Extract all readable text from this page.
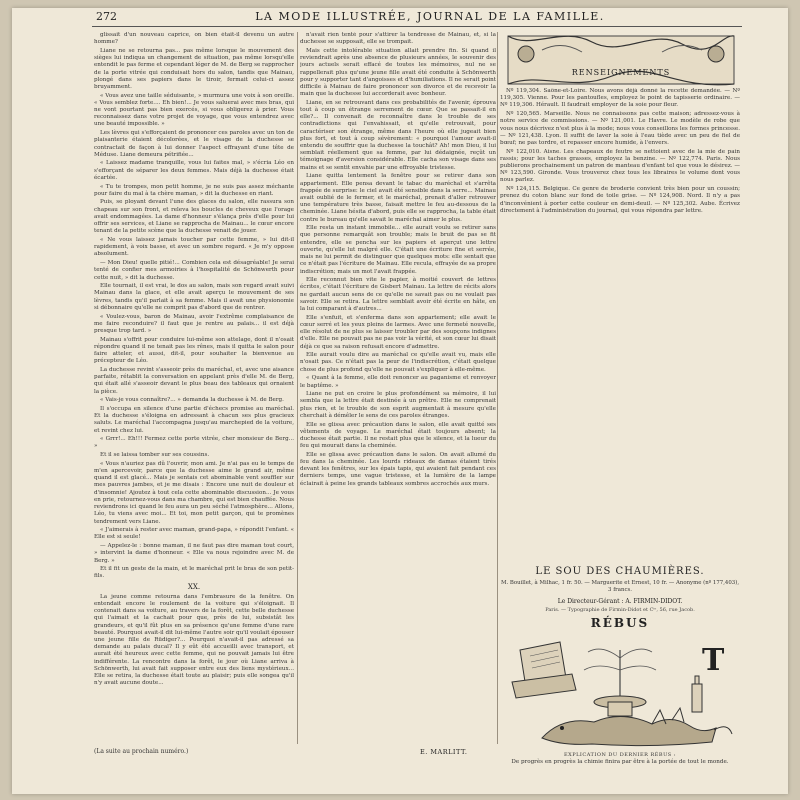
272	LA MODE ILLUSTRÉE, JOURNAL DE LA FAMILLE.

glissait d'un nouveau caprice, on bien était-il devenu un autre homme?

Liane ne se retourna pas... pas même lorsque le mouvement des sièges lui indiqua un changement de situation, pas même lorsqu'elle entendit le pas ferme et cependant léger de M. de Berg se rapprocher de la porte vitrée qui conduisait hors du salon, tandis que Mainau, plongé dans ses papiers dans le tiroir, fermait celui-ci assez bruyamment.

« Vous avez une taille séduisante, » murmura une voix à son oreille. « Vous semblez forte.... Eh bien!... Je vous saluerai avec mes bras, qui ne vont pourtant pas bien exercés, si vous obligerez à prier. Vous reconnaissez dans votre projet de voyage, que vous entendrez avec une beauté impossible. »

Les lèvres qui s'efforçaient de prononcer ces paroles avec un ton de plaisanterie étaient décolorées, et le visage de la duchesse se contractait de façon à lui donner l'aspect effrayant d'une tête de Méduse. Liane demeura pétrifiée...

« Laissez madame tranquille, vous lui faites mal, » s'écria Léo en s'efforçant de séparer les deux femmes. Mais déjà la duchesse était écartée.

« Tu te trompes, mon petit homme, je ne suis pas assez méchante pour faire du mal à ta chère maman, » dit la duchesse en riant.

Puis, se ployant devant l'une des glaces du salon, elle rassura son chapeau sur son front, et releva les boucles de cheveux que l'orage avait endommagées. La dame d'honneur s'élança près d'elle pour lui offrir ses services, et Liane se rapprocha de Mainau... le cœur encore tenant de la petite scène que la duchesse venait de jouer.

« Ne vous laissez jamais toucher par cette femme, » lui dit-il rapidement, à voix basse, et avec un sombre regard. « Je m'y oppose absolument.

— Mon Dieu! quelle pitié!... Combien cela est désagréable! Je serai tenté de confier mes armoiries à l'hospitalité de Schönwerth pour cette nuit, » dit la duchesse.

Elle tournait, il est vrai, le dos au salon, mais son regard avait suivi Mainau dans la glace, et elle avait aperçu le mouvement de ses lèvres, tandis qu'il parlait à sa femme. Mais il avait une physionomie si débonnaire qu'elle ne comprit pas d'abord que de rentrer.

« Voulez-vous, baron de Mainau, avoir l'extrême complaisance de me faire reconduire? il faut que je rentre au palais... il est déjà presque trop tard. »

Mainau s'offrit pour conduire lui-même son attelage, dont il n'osait répondre quand il ne tenait pas les rênes, mais il quitta le salon pour faire atteler, et aussi, dit-il, pour souhaiter la bienvenue au précepteur de Léo.

La duchesse revint s'asseoir près du maréchal, et, avec une aisance parfaite, rétablit la conversation en appelant près d'elle M. de Berg, qui était allé s'asseoir devant le plus beau des tableaux qui ornaient la pièce.

« Vais-je vous connaître?... » demanda la duchesse à M. de Berg.

Il s'occupa en silence d'une partie d'échecs promise au maréchal. Et la duchesse s'éloigna en adressant à chacun ses plus gracieux saluts. Le maréchal l'accompagna jusqu'au marchepied de la voiture, et revint chez lui.

« Grrr!... Eh!!! Fermez cette porte vitrée, cher monsieur de Berg... »

Et il se laissa tomber sur ses coussins.

« Vous n'auriez pas dû l'ouvrir, mon ami. Je n'ai pas eu le temps de m'en apercevoir, parce que la duchesse aime le grand air, même quand il est glacé... Mais je sentais cet abominable vent souffler sur mes pauvres jambes, et je me disais : Encore une nuit de douleur et d'insomnie! Ajoutez à tout cela cette abominable discussion... Je vous en prie, retournez-vous dans ma chambre, qui est bien chauffée. Nous reviendrons ici quand le feu aura un peu séché l'atmosphère... Allons, Léo, tu viens avec moi... Et toi, mon petit garçon, qui te promènes tendrement vers Liane.

« J'aimerais à rester avec maman, grand-papa, » répondit l'enfant. « Elle est si seule!

— Appelez-le : bonne maman, il ne faut pas dire maman tout court, » intervint la dame d'honneur. « Elle va nous rejoindre avec M. de Berg. »

Et il fit un geste de la main, et le maréchal prit le bras de son petit-fils.

XX.

La jeune comme retourna dans l'embrasure de la fenêtre. On entendait encore le roulement de la voiture qui s'éloignait. Il contenait dans sa voiture, au travers de la forêt, cette belle duchesse qui l'aimait et la cachait pour que, près de lui, subsistât les grandeurs, et qu'il fût plus en sa présence qu'une femme d'une rare beauté. Pourquoi avait-il dit lui-même l'autre soir qu'il voulait épouser une jeune fille de Rüdiger?... Pourquoi n'avait-il pas adressé sa demande au palais ducal? Il y eût été accueilli avec transport, et aurait été heureux avec cette femme, qui ne pouvait jamais lui être indifférente. La rencontre dans la forêt, le jour où Liane arriva à Schönwerth, lui avait fait supposer entre eux des liens mystérieux... Elle se retira, la duchesse était toute au plaisir; puis elle songea qu'il n'y avait aucune doute...

n'avait rien tenté pour s'attirer la tendresse de Mainau, et, si la duchesse se supposait, elle se trompait.

Mais cette intolérable situation allait prendre fin. Si quand il reviendrait après une absence de plusieurs années, le souvenir des jours actuels serait effacé de toutes les mémoires, nul ne se rappellerait plus qu'une jeune fille avait été conduite à Schönwerth pour y supporter tant d'angoisses et d'humiliations. Il ne serait point difficile à Mainau de faire prononcer son divorce et de recevoir la main que la duchesse lui accorderait avec bonheur.

Liane, en se retrouvant dans ces probabilités de l'avenir, éprouva tout à coup un étrange serrement de cœur. Que se passait-il en elle?... Il convenait de reconnaître dans le trouble de ses contradictions qui l'envahissait, et qu'elle retrouvait, pour caractériser son étrange, même dans l'heure où elle jugeait bien plus fort, et tout à coup sévèrement: « pourquoi l'amour avait-il entendu de souffrir que la duchesse la touchât? Ah! mon Dieu, il lui semblait réellement que sa femme, par lui dédaignée, reçût un témoignage d'aversion considérable. Elle cacha son visage dans ses mains et se sentit envahie par une effroyable tristesse.

Liane quitta lentement la fenêtre pour se retirer dans son appartement. Elle pensa devant le tabac du maréchal et s'arrêta frappée de surprise: le ciel avait été sensible dans la serre... Mainau avait oublié de le fermer, et le maréchal, prenait d'aller retrouver une température très basse, faisait mettre le feu au-dessous de la cheminée. Liane hésita d'abord, puis elle se rapprocha, la table était contre le bureau qu'elle savait le maréchal aimer le plus.

Elle resta un instant immobile... elle aurait voulu se retirer sans que personne remarquât son trouble; mais le bruit de pas se fit entendre, elle se pencha sur les papiers et aperçut une lettre ouverte, qu'elle lut malgré elle. C'était une écriture fine et serrée, mais ne lui permit de distinguer que quelques mots: elle sentait que ce n'était pas l'écriture de Mainau. Elle recula, effrayée de sa propre indiscrétion; mais un mot l'avait frappée.

Elle reconnut bien vite le papier, à moitié couvert de lettres écrites, c'était l'écriture de Gisbert Mainau. La lettre de récits alors ne gardait aucun sens de ce qu'elle ne savait pas ou ne voulait pas savoir. Elle se retira. La lettre semblait avoir été écrite en hâte, en la lui comparant à d'autres...

Elle s'enfuit, et s'enferma dans son appartement; elle avait le cœur serré et les yeux pleins de larmes. Avec une fermeté nouvelle, elle résolut de ne plus se laisser troubler par des soupçons indignes d'elle. Elle ne pouvait pas ne pas voir la vérité, et son cœur lui disait déjà ce que sa raison refusait encore d'admettre.

Elle aurait voulu dire au maréchal ce qu'elle avait vu, mais elle n'osait pas. Ce n'était pas la peur de l'indiscrétion, c'était quelque chose de plus profond qu'elle ne pouvait s'expliquer à elle-même.

« Quant à la femme, elle doit renoncer au paganisme et renvoyer le baptême. »

Liane ne put en croire le plus profondément sa mémoire, il lui sembla que la lettre était destinée à un prêtre. Elle ne comprenait plus rien, et le trouble de son esprit augmentait à mesure qu'elle cherchait à démêler le sens de ces paroles étranges.

Elle se glissa avec précaution dans le salon, elle avait quitté ses vêtements de voyage. Le maréchal était toujours absent; la duchesse était partie. Il ne restait plus que le silence, et la lueur du feu qui mourait dans la cheminée.

Elle se glissa avec précaution dans le salon. On avait allumé du feu dans la cheminée. Les lourds rideaux de damas étaient tirés devant les fenêtres, sur les épais tapis, qui avaient fait pendant ces derniers temps, une vague tristesse, et la lumière de la lampe éclairait à peine les grands tableaux sombres accrochés aux murs.

(La suite au prochain numéro.)	E. MARLITT.
RENSEIGNEMENTS

Nº 119,304. Saône-et-Loire. Nous avons déjà donné la recette demandée. — Nº 119,305. Vienne. Pour les pantoufles, employez le point de tapisserie ordinaire. — Nº 119,306. Hérault. Il faudrait employer de la soie pour fleur.

Nº 120,565. Marseille. Nous ne connaissons pas cette maison; adressez-vous à notre service de commissions. — Nº 121,001. Le Havre. Le modèle de robe que vous nous décrivez n'est plus à la mode; nous vous conseillons les formes princesse. — Nº 121,438. Lyon. Il suffit de laver la soie à l'eau tiède avec un peu de fiel de bœuf; ne pas tordre, et repasser encore humide, à l'envers.

Nº 122,010. Aisne. Les chapeaux de feutre se nettoient avec de la mie de pain rassis; pour les taches grasses, employez la benzine. — Nº 122,774. Paris. Nous publierons prochainement un patron de manteau d'enfant tel que vous le désirez. — Nº 123,590. Gironde. Vous trouverez chez tous les libraires le volume dont vous nous parlez.

Nº 124,115. Belgique. Ce genre de broderie convient très bien pour un coussin; prenez du coton blanc sur fond de toile grise. — Nº 124,908. Nord. Il n'y a pas d'inconvénient à porter cette couleur en demi-deuil. — Nº 125,302. Aube. Écrivez directement à l'administration du journal, qui vous répondra par lettre.

LE SOU DES CHAUMIÈRES.
M. Bouillet, à Milhac, 1 fr. 50. — Marguerite et Ernest, 10 fr. — Anonyme (nº 177,403), 3 francs.
Le Directeur-Gérant : A. FIRMIN-DIDOT.
Paris. — Typographie de Firmin-Didot et Cⁱᵉ, 56, rue Jacob.
RÉBUS
T
EXPLICATION DU DERNIER RÉBUS :
De progrès en progrès la chimie finira par être à la portée de tout le monde.
